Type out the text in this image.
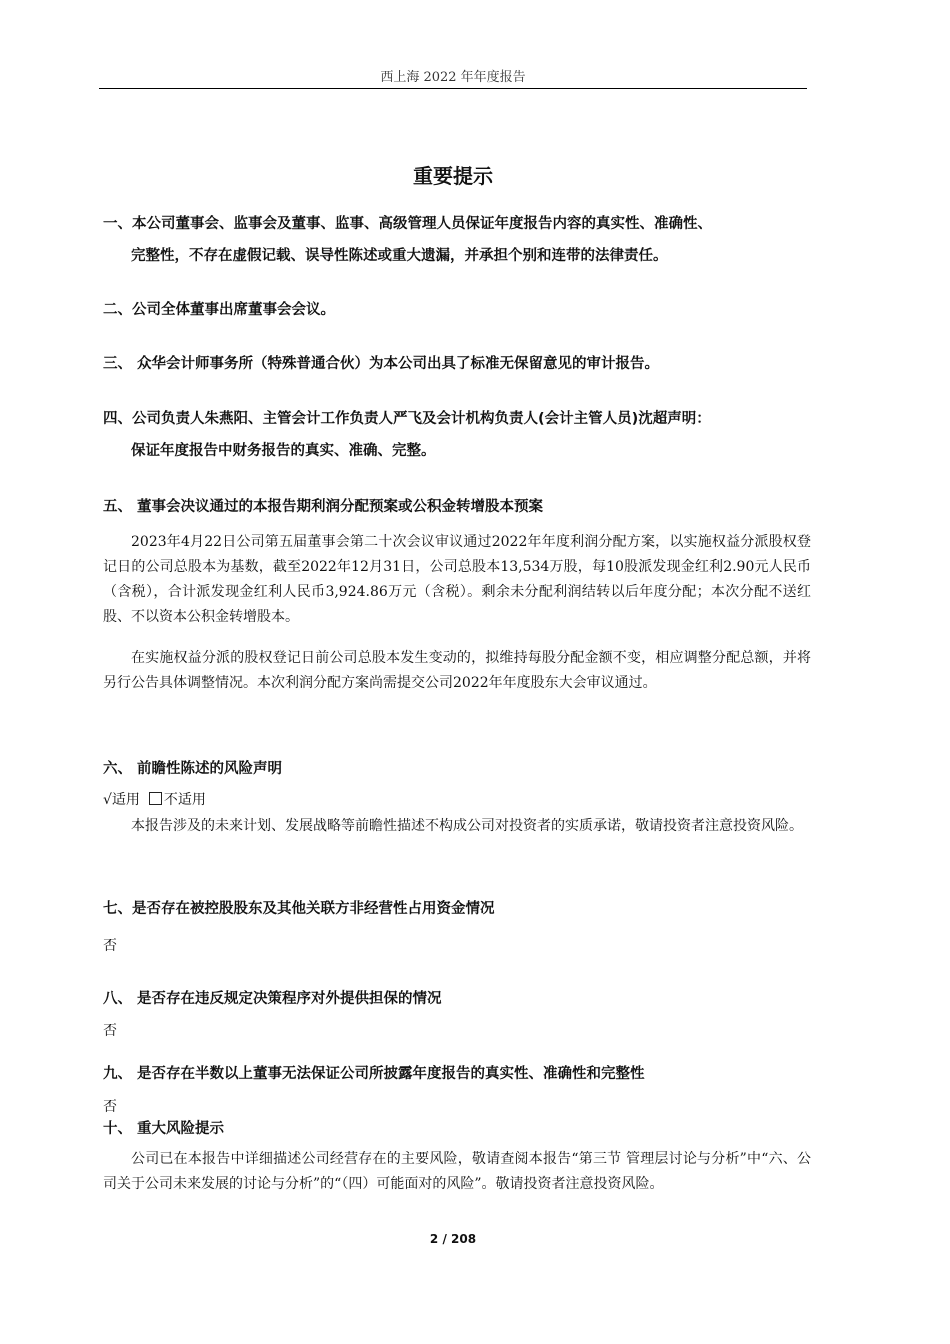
西上海 2022 年年度报告
重要提示
一、本公司董事会、监事会及董事、监事、高级管理人员保证年度报告内容的真实性、准确性、
完整性，不存在虚假记载、误导性陈述或重大遗漏，并承担个别和连带的法律责任。
二、公司全体董事出席董事会会议。
三、 众华会计师事务所（特殊普通合伙）为本公司出具了标准无保留意见的审计报告。
四、公司负责人朱燕阳、主管会计工作负责人严飞及会计机构负责人(会计主管人员)沈超声明：
保证年度报告中财务报告的真实、准确、完整。
五、 董事会决议通过的本报告期利润分配预案或公积金转增股本预案

2023年4月22日公司第五届董事会第二十次会议审议通过2022年年度利润分配方案，以实施权益分派股权登记日的公司总股本为基数，截至2022年12月31日，公司总股本13,534万股，每10股派发现金红利2.90元人民币（含税），合计派发现金红利人民币3,924.86万元（含税）。剩余未分配利润结转以后年度分配；本次分配不送红股、不以资本公积金转增股本。

在实施权益分派的股权登记日前公司总股本发生变动的，拟维持每股分配金额不变，相应调整分配总额，并将另行公告具体调整情况。本次利润分配方案尚需提交公司2022年年度股东大会审议通过。

六、 前瞻性陈述的风险声明
√适用 不适用

本报告涉及的未来计划、发展战略等前瞻性描述不构成公司对投资者的实质承诺，敬请投资者注意投资风险。

七、是否存在被控股股东及其他关联方非经营性占用资金情况
否
八、 是否存在违反规定决策程序对外提供担保的情况
否
九、 是否存在半数以上董事无法保证公司所披露年度报告的真实性、准确性和完整性
否
十、 重大风险提示

公司已在本报告中详细描述公司经营存在的主要风险，敬请查阅本报告“第三节 管理层讨论与分析”中“六、公司关于公司未来发展的讨论与分析”的“（四）可能面对的风险”。敬请投资者注意投资风险。

2 / 208
